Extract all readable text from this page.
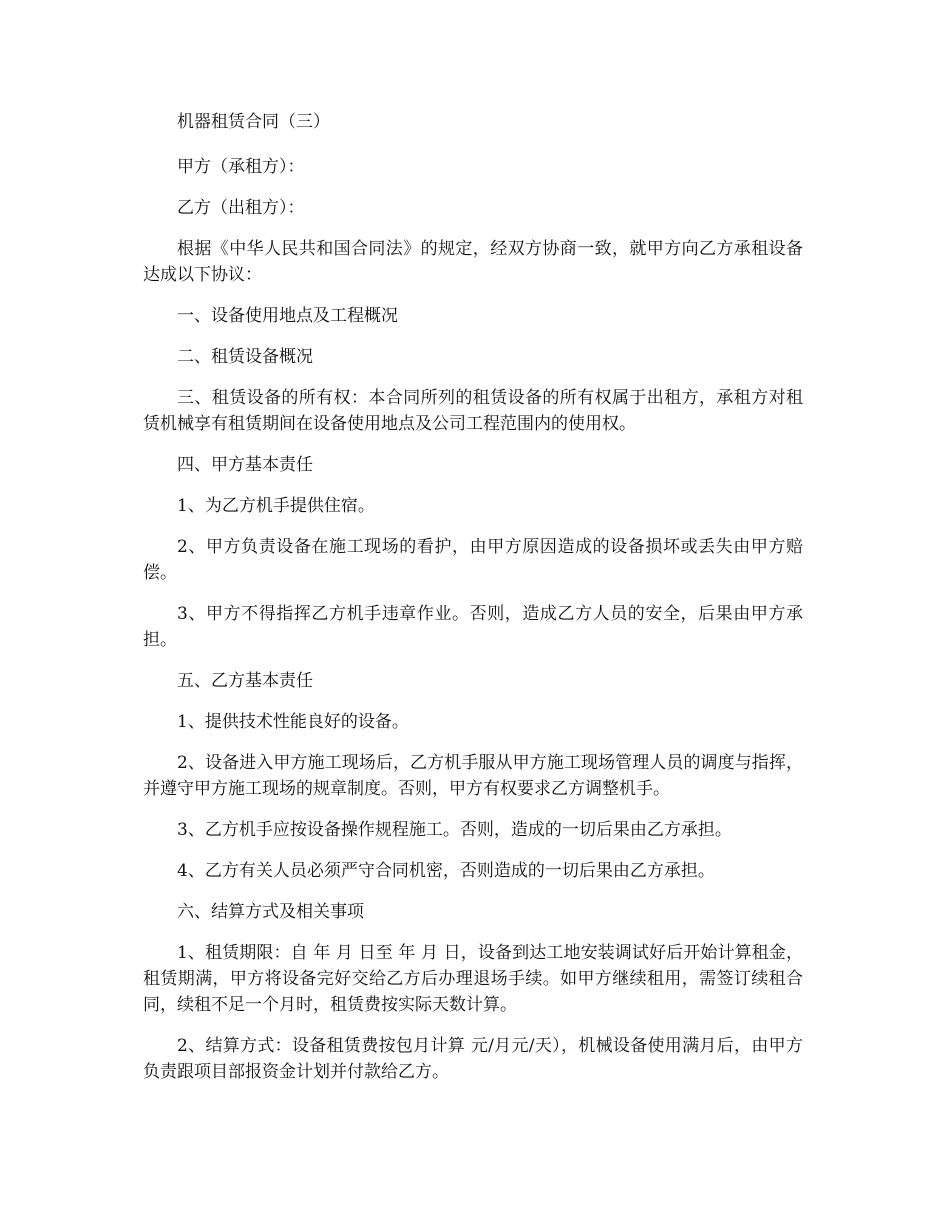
机器租赁合同（三）

甲方（承租方）：

乙方（出租方）：

根据《中华人民共和国合同法》的规定，经双方协商一致，就甲方向乙方承租设备达成以下协议：

一、设备使用地点及工程概况

二、租赁设备概况

三、租赁设备的所有权：本合同所列的租赁设备的所有权属于出租方，承租方对租赁机械享有租赁期间在设备使用地点及公司工程范围内的使用权。

四、甲方基本责任

1、为乙方机手提供住宿。

2、甲方负责设备在施工现场的看护，由甲方原因造成的设备损坏或丢失由甲方赔偿。

3、甲方不得指挥乙方机手违章作业。否则，造成乙方人员的安全，后果由甲方承担。

五、乙方基本责任

1、提供技术性能良好的设备。

2、设备进入甲方施工现场后，乙方机手服从甲方施工现场管理人员的调度与指挥，并遵守甲方施工现场的规章制度。否则，甲方有权要求乙方调整机手。

3、乙方机手应按设备操作规程施工。否则，造成的一切后果由乙方承担。

4、乙方有关人员必须严守合同机密，否则造成的一切后果由乙方承担。

六、结算方式及相关事项

1、租赁期限：自 年 月 日至 年 月 日，设备到达工地安装调试好后开始计算租金，租赁期满，甲方将设备完好交给乙方后办理退场手续。如甲方继续租用，需签订续租合同，续租不足一个月时，租赁费按实际天数计算。

2、结算方式：设备租赁费按包月计算 元/月元/天），机械设备使用满月后，由甲方负责跟项目部报资金计划并付款给乙方。
